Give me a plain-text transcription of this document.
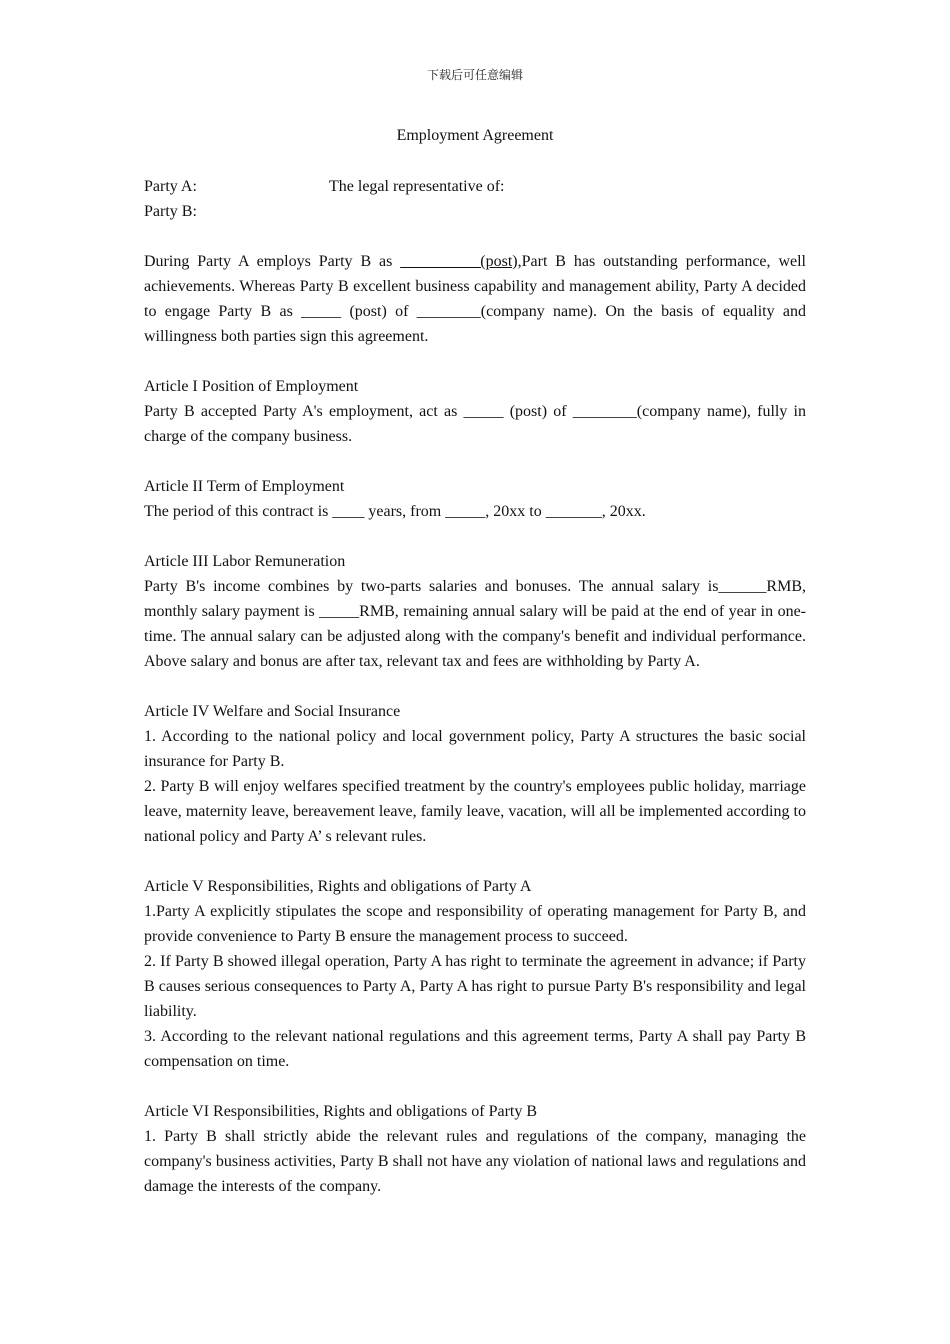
下载后可任意编辑
Employment Agreement
Party A:	The legal representative of:
Party B:
During Party A employs Party B as __________(post),Part B has outstanding performance, well achievements. Whereas Party B excellent business capability and management ability, Party A decided to engage Party B as _____ (post) of ________(company name). On the basis of equality and willingness both parties sign this agreement.
Article I Position of Employment
Party B accepted Party A's employment, act as _____ (post) of ________(company name), fully in charge of the company business.
Article II Term of Employment
The period of this contract is ____ years, from _____, 20xx to _______, 20xx.
Article III Labor Remuneration
Party B's income combines by two-parts salaries and bonuses. The annual salary is______RMB, monthly salary payment is _____RMB, remaining annual salary will be paid at the end of year in one-time. The annual salary can be adjusted along with the company's benefit and individual performance. Above salary and bonus are after tax, relevant tax and fees are withholding by Party A.
Article IV Welfare and Social Insurance
1. According to the national policy and local government policy, Party A structures the basic social insurance for Party B.
2. Party B will enjoy welfares specified treatment by the country's employees public holiday, marriage leave, maternity leave, bereavement leave, family leave, vacation, will all be implemented according to national policy and Party A’ s relevant rules.
Article V Responsibilities, Rights and obligations of Party A
1.Party A explicitly stipulates the scope and responsibility of operating management for Party B, and provide convenience to Party B ensure the management process to succeed.
2. If Party B showed illegal operation, Party A has right to terminate the agreement in advance; if Party B causes serious consequences to Party A, Party A has right to pursue Party B's responsibility and legal liability.
3. According to the relevant national regulations and this agreement terms, Party A shall pay Party B compensation on time.
Article VI Responsibilities, Rights and obligations of Party B
1. Party B shall strictly abide the relevant rules and regulations of the company, managing the company's business activities, Party B shall not have any violation of national laws and regulations and damage the interests of the company.
